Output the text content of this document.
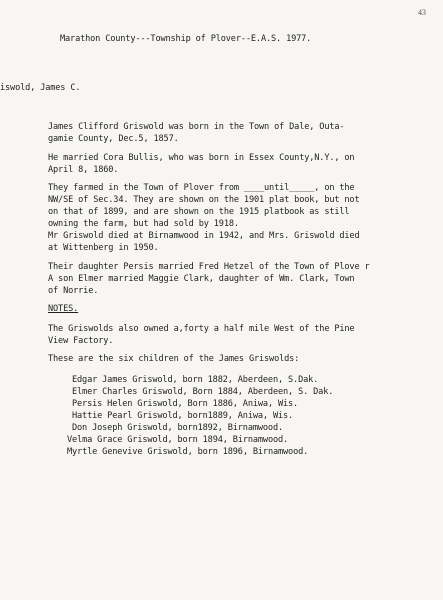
43

Marathon County---Township of Plover--E.A.S. 1977.

iswold, James C.

James Clifford Griswold was born in the Town of Dale, Outa-

gamie County, Dec.5, 1857.

He married Cora Bullis, who was born in Essex County,N.Y., on

April 8, 1860.

They farmed in the Town of Plover from ____until_____, on the

NW/SE of Sec.34. They are shown on the 1901 plat book, but not

on that of 1899, and are shown on the 1915 platbook as still

owning the farm, but had sold by 1918.

Mr Griswold died at Birnamwood in 1942, and Mrs. Griswold died

at Wittenberg in 1950.

Their daughter Persis married Fred Hetzel of the Town of Plove r

A son Elmer married Maggie Clark, daughter of Wm. Clark, Town

of Norrie.

NOTES.

The Griswolds also owned a,forty a half mile West of the Pine

View Factory.

These are the six children of the James Griswolds:

Edgar James Griswold, born 1882, Aberdeen, S.Dak.

Elmer Charles Griswold, Born 1884, Aberdeen, S. Dak.

Persis Helen Griswold, Born 1886, Aniwa, Wis.

Hattie Pearl Griswold, born1889, Aniwa, Wis.

Don Joseph Griswold, born1892, Birnamwood.

Velma Grace Griswold, born 1894, Birnamwood.

Myrtle Genevive Griswold, born 1896, Birnamwood.
